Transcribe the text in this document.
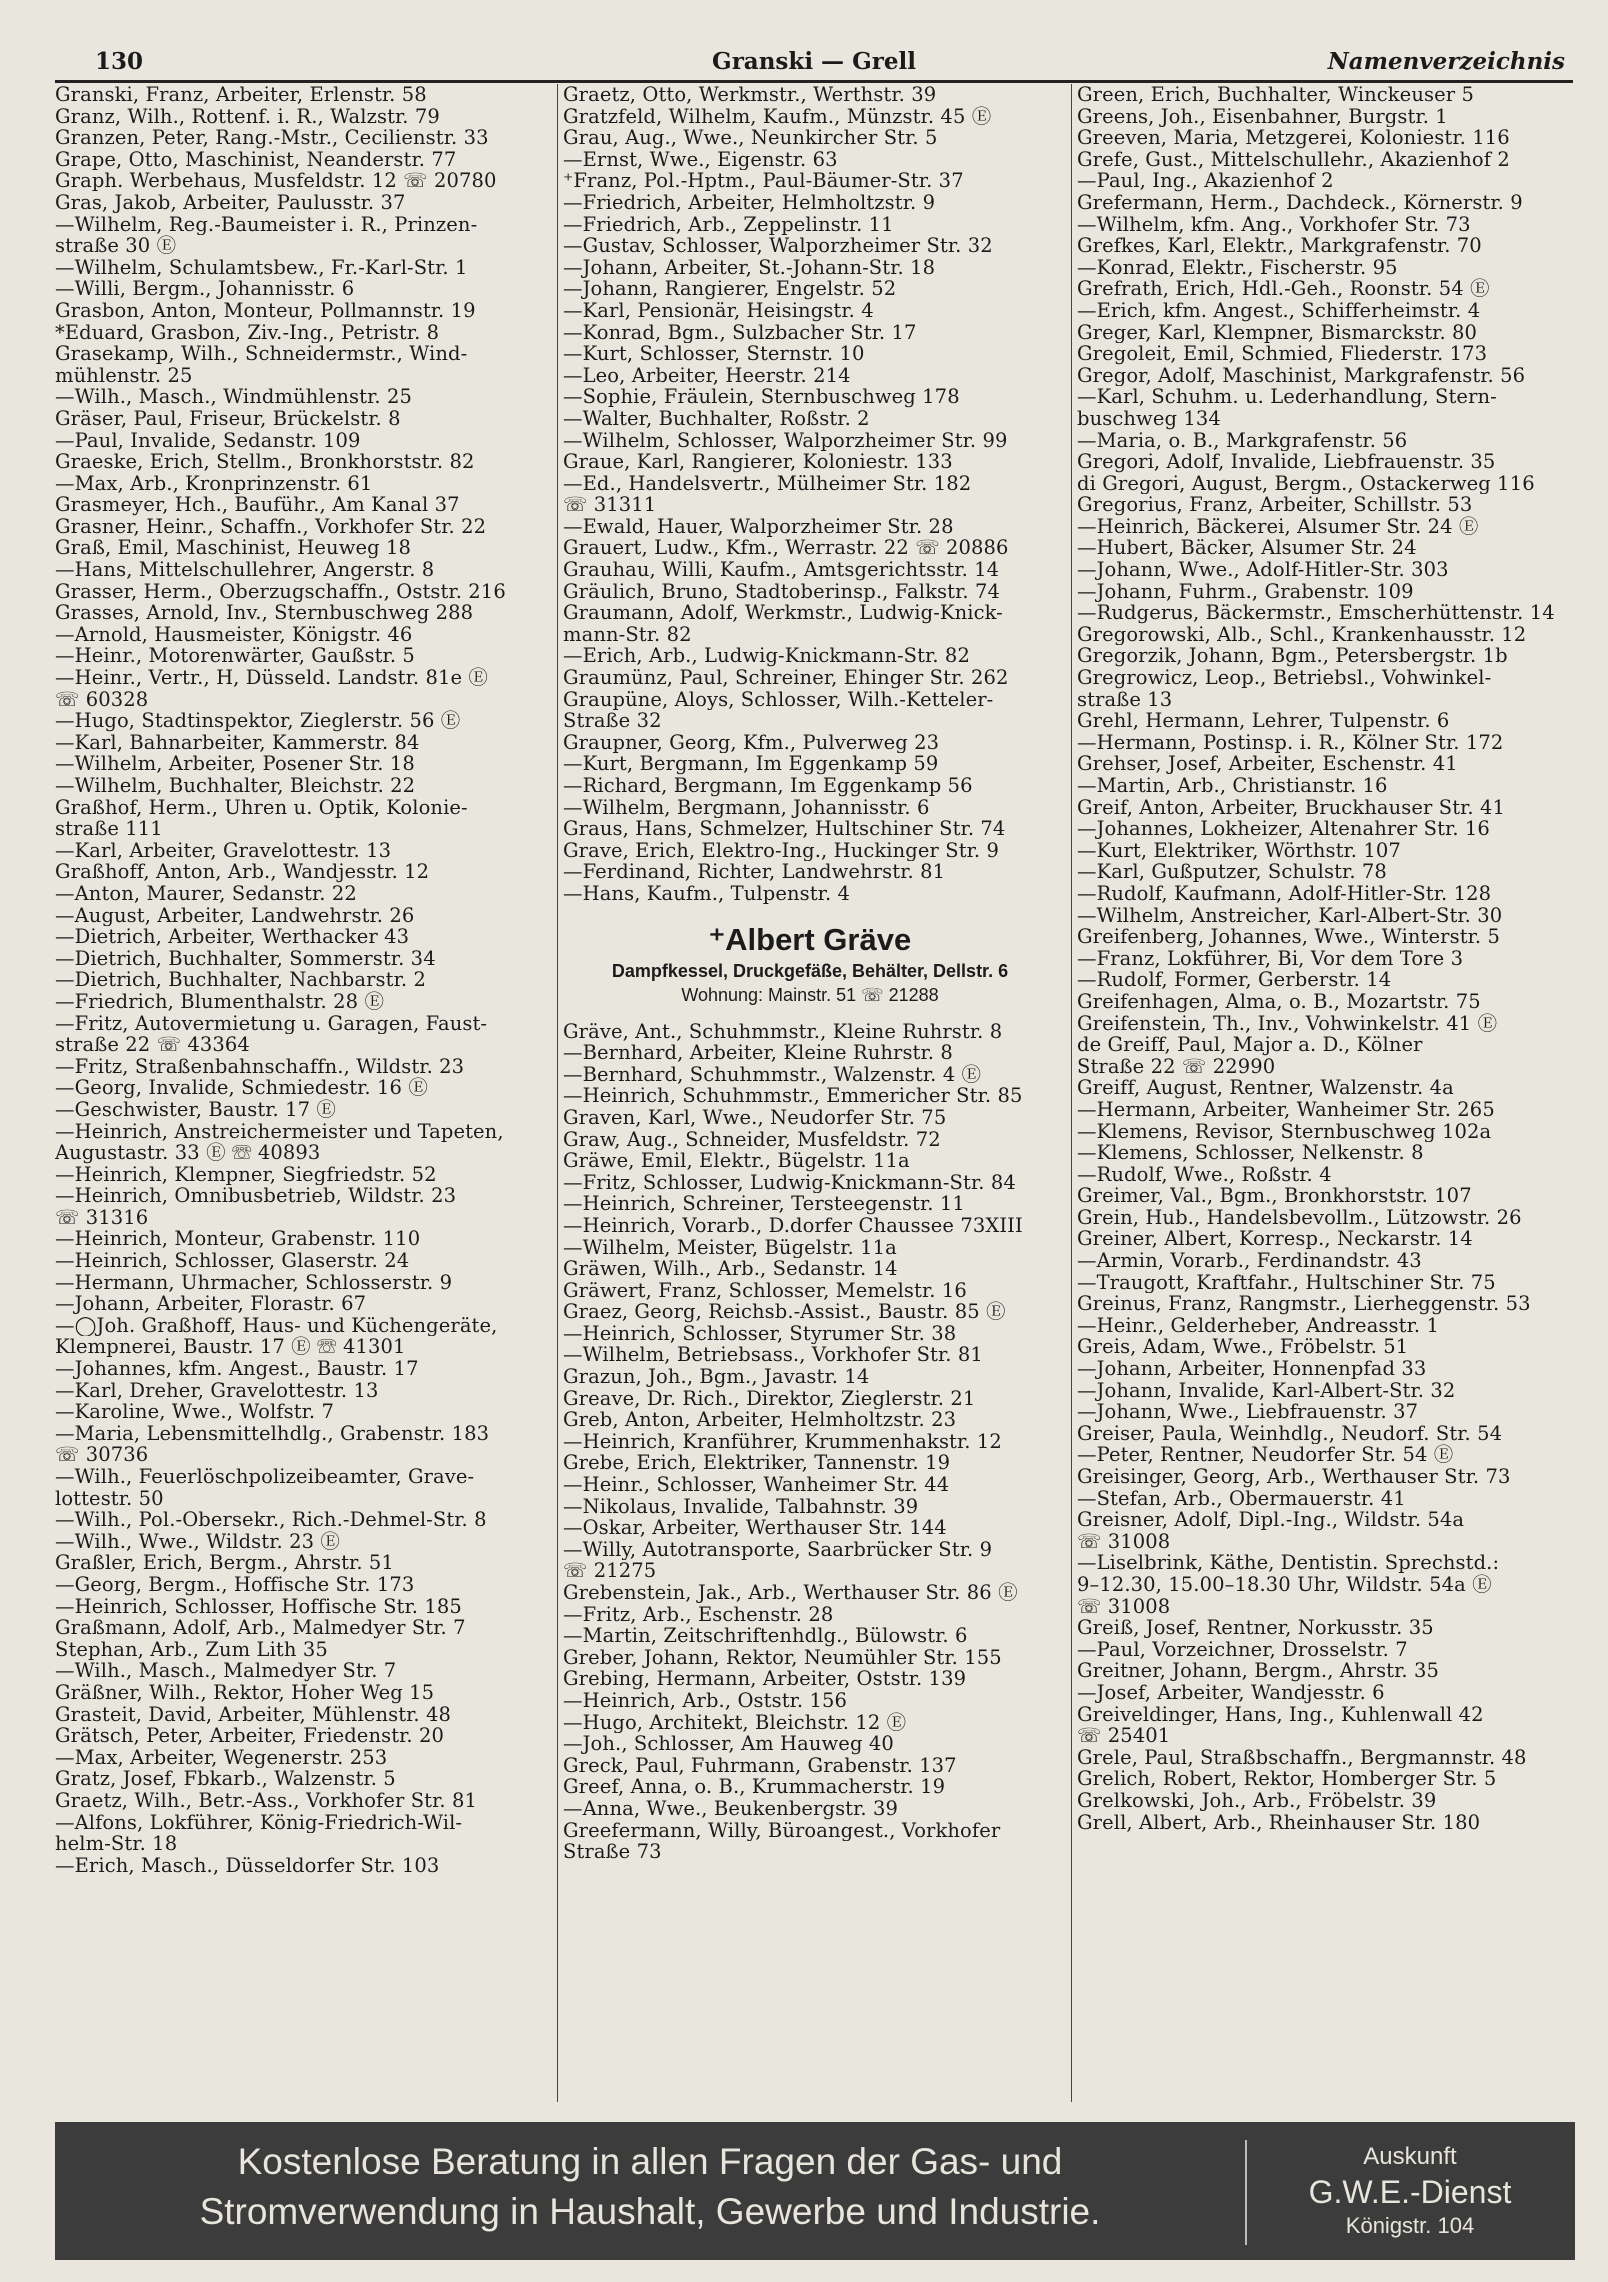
130	Granski — Grell	Namenverzeichnis
Granski, Franz, Arbeiter, Erlenstr. 58
Granz, Wilh., Rottenf. i. R., Walzstr. 79
Granzen, Peter, Rang.-Mstr., Cecilienstr. 33
Grape, Otto, Maschinist, Neanderstr. 77
Graph. Werbehaus, Musfeldstr. 12 ☏ 20780
Gras, Jakob, Arbeiter, Paulusstr. 37
—Wilhelm, Reg.-Baumeister i. R., Prinzen-
straße 30 Ⓔ
—Wilhelm, Schulamtsbew., Fr.-Karl-Str. 1
—Willi, Bergm., Johannisstr. 6
Grasbon, Anton, Monteur, Pollmannstr. 19
*Eduard, Grasbon, Ziv.-Ing., Petristr. 8
Grasekamp, Wilh., Schneidermstr., Wind-
mühlenstr. 25
—Wilh., Masch., Windmühlenstr. 25
Gräser, Paul, Friseur, Brückelstr. 8
—Paul, Invalide, Sedanstr. 109
Graeske, Erich, Stellm., Bronkhorststr. 82
—Max, Arb., Kronprinzenstr. 61
Grasmeyer, Hch., Bauführ., Am Kanal 37
Grasner, Heinr., Schaffn., Vorkhofer Str. 22
Graß, Emil, Maschinist, Heuweg 18
—Hans, Mittelschullehrer, Angerstr. 8
Grasser, Herm., Oberzugschaffn., Oststr. 216
Grasses, Arnold, Inv., Sternbuschweg 288
—Arnold, Hausmeister, Königstr. 46
—Heinr., Motorenwärter, Gaußstr. 5
—Heinr., Vertr., H, Düsseld. Landstr. 81e Ⓔ
☏ 60328
—Hugo, Stadtinspektor, Zieglerstr. 56 Ⓔ
—Karl, Bahnarbeiter, Kammerstr. 84
—Wilhelm, Arbeiter, Posener Str. 18
—Wilhelm, Buchhalter, Bleichstr. 22
Graßhof, Herm., Uhren u. Optik, Kolonie-
straße 111
—Karl, Arbeiter, Gravelottestr. 13
Graßhoff, Anton, Arb., Wandjesstr. 12
—Anton, Maurer, Sedanstr. 22
—August, Arbeiter, Landwehrstr. 26
—Dietrich, Arbeiter, Werthacker 43
—Dietrich, Buchhalter, Sommerstr. 34
—Dietrich, Buchhalter, Nachbarstr. 2
—Friedrich, Blumenthalstr. 28 Ⓔ
—Fritz, Autovermietung u. Garagen, Faust-
straße 22 ☏ 43364
—Fritz, Straßenbahnschaffn., Wildstr. 23
—Georg, Invalide, Schmiedestr. 16 Ⓔ
—Geschwister, Baustr. 17 Ⓔ
—Heinrich, Anstreichermeister und Tapeten,
Augustastr. 33 Ⓔ ☏ 40893
—Heinrich, Klempner, Siegfriedstr. 52
—Heinrich, Omnibusbetrieb, Wildstr. 23
☏ 31316
—Heinrich, Monteur, Grabenstr. 110
—Heinrich, Schlosser, Glaserstr. 24
—Hermann, Uhrmacher, Schlosserstr. 9
—Johann, Arbeiter, Florastr. 67
—◯Joh. Graßhoff, Haus- und Küchengeräte,
Klempnerei, Baustr. 17 Ⓔ ☏ 41301
—Johannes, kfm. Angest., Baustr. 17
—Karl, Dreher, Gravelottestr. 13
—Karoline, Wwe., Wolfstr. 7
—Maria, Lebensmittelhdlg., Grabenstr. 183
☏ 30736
—Wilh., Feuerlöschpolizeibeamter, Grave-
lottestr. 50
—Wilh., Pol.-Obersekr., Rich.-Dehmel-Str. 8
—Wilh., Wwe., Wildstr. 23 Ⓔ
Graßler, Erich, Bergm., Ahrstr. 51
—Georg, Bergm., Hoffische Str. 173
—Heinrich, Schlosser, Hoffische Str. 185
Graßmann, Adolf, Arb., Malmedyer Str. 7
Stephan, Arb., Zum Lith 35
—Wilh., Masch., Malmedyer Str. 7
Gräßner, Wilh., Rektor, Hoher Weg 15
Grasteit, David, Arbeiter, Mühlenstr. 48
Grätsch, Peter, Arbeiter, Friedenstr. 20
—Max, Arbeiter, Wegenerstr. 253
Gratz, Josef, Fbkarb., Walzenstr. 5
Graetz, Wilh., Betr.-Ass., Vorkhofer Str. 81
—Alfons, Lokführer, König-Friedrich-Wil-
helm-Str. 18
—Erich, Masch., Düsseldorfer Str. 103
Graetz, Otto, Werkmstr., Werthstr. 39
Gratzfeld, Wilhelm, Kaufm., Münzstr. 45 Ⓔ
Grau, Aug., Wwe., Neunkircher Str. 5
—Ernst, Wwe., Eigenstr. 63
⁺Franz, Pol.-Hptm., Paul-Bäumer-Str. 37
—Friedrich, Arbeiter, Helmholtzstr. 9
—Friedrich, Arb., Zeppelinstr. 11
—Gustav, Schlosser, Walporzheimer Str. 32
—Johann, Arbeiter, St.-Johann-Str. 18
—Johann, Rangierer, Engelstr. 52
—Karl, Pensionär, Heisingstr. 4
—Konrad, Bgm., Sulzbacher Str. 17
—Kurt, Schlosser, Sternstr. 10
—Leo, Arbeiter, Heerstr. 214
—Sophie, Fräulein, Sternbuschweg 178
—Walter, Buchhalter, Roßstr. 2
—Wilhelm, Schlosser, Walporzheimer Str. 99
Graue, Karl, Rangierer, Koloniestr. 133
—Ed., Handelsvertr., Mülheimer Str. 182
☏ 31311
—Ewald, Hauer, Walporzheimer Str. 28
Grauert, Ludw., Kfm., Werrastr. 22 ☏ 20886
Grauhau, Willi, Kaufm., Amtsgerichtsstr. 14
Gräulich, Bruno, Stadtoberinsp., Falkstr. 74
Graumann, Adolf, Werkmstr., Ludwig-Knick-
mann-Str. 82
—Erich, Arb., Ludwig-Knickmann-Str. 82
Graumünz, Paul, Schreiner, Ehinger Str. 262
Graupüne, Aloys, Schlosser, Wilh.-Ketteler-
Straße 32
Graupner, Georg, Kfm., Pulverweg 23
—Kurt, Bergmann, Im Eggenkamp 59
—Richard, Bergmann, Im Eggenkamp 56
—Wilhelm, Bergmann, Johannisstr. 6
Graus, Hans, Schmelzer, Hultschiner Str. 74
Grave, Erich, Elektro-Ing., Huckinger Str. 9
—Ferdinand, Richter, Landwehrstr. 81
—Hans, Kaufm., Tulpenstr. 4
⁺Albert Gräve
Dampfkessel, Druckgefäße, Behälter, Dellstr. 6
Wohnung: Mainstr. 51 ☏ 21288
Gräve, Ant., Schuhmmstr., Kleine Ruhrstr. 8
—Bernhard, Arbeiter, Kleine Ruhrstr. 8
—Bernhard, Schuhmmstr., Walzenstr. 4 Ⓔ
—Heinrich, Schuhmmstr., Emmericher Str. 85
Graven, Karl, Wwe., Neudorfer Str. 75
Graw, Aug., Schneider, Musfeldstr. 72
Gräwe, Emil, Elektr., Bügelstr. 11a
—Fritz, Schlosser, Ludwig-Knickmann-Str. 84
—Heinrich, Schreiner, Tersteegenstr. 11
—Heinrich, Vorarb., D.dorfer Chaussee 73XIII
—Wilhelm, Meister, Bügelstr. 11a
Gräwen, Wilh., Arb., Sedanstr. 14
Gräwert, Franz, Schlosser, Memelstr. 16
Graez, Georg, Reichsb.-Assist., Baustr. 85 Ⓔ
—Heinrich, Schlosser, Styrumer Str. 38
—Wilhelm, Betriebsass., Vorkhofer Str. 81
Grazun, Joh., Bgm., Javastr. 14
Greave, Dr. Rich., Direktor, Zieglerstr. 21
Greb, Anton, Arbeiter, Helmholtzstr. 23
—Heinrich, Kranführer, Krummenhakstr. 12
Grebe, Erich, Elektriker, Tannenstr. 19
—Heinr., Schlosser, Wanheimer Str. 44
—Nikolaus, Invalide, Talbahnstr. 39
—Oskar, Arbeiter, Werthauser Str. 144
—Willy, Autotransporte, Saarbrücker Str. 9
☏ 21275
Grebenstein, Jak., Arb., Werthauser Str. 86 Ⓔ
—Fritz, Arb., Eschenstr. 28
—Martin, Zeitschriftenhdlg., Bülowstr. 6
Greber, Johann, Rektor, Neumühler Str. 155
Grebing, Hermann, Arbeiter, Oststr. 139
—Heinrich, Arb., Oststr. 156
—Hugo, Architekt, Bleichstr. 12 Ⓔ
—Joh., Schlosser, Am Hauweg 40
Greck, Paul, Fuhrmann, Grabenstr. 137
Greef, Anna, o. B., Krummacherstr. 19
—Anna, Wwe., Beukenbergstr. 39
Greefermann, Willy, Büroangest., Vorkhofer
Straße 73
Green, Erich, Buchhalter, Winckeuser 5
Greens, Joh., Eisenbahner, Burgstr. 1
Greeven, Maria, Metzgerei, Koloniestr. 116
Grefe, Gust., Mittelschullehr., Akazienhof 2
—Paul, Ing., Akazienhof 2
Grefermann, Herm., Dachdeck., Körnerstr. 9
—Wilhelm, kfm. Ang., Vorkhofer Str. 73
Grefkes, Karl, Elektr., Markgrafenstr. 70
—Konrad, Elektr., Fischerstr. 95
Grefrath, Erich, Hdl.-Geh., Roonstr. 54 Ⓔ
—Erich, kfm. Angest., Schifferheimstr. 4
Greger, Karl, Klempner, Bismarckstr. 80
Gregoleit, Emil, Schmied, Fliederstr. 173
Gregor, Adolf, Maschinist, Markgrafenstr. 56
—Karl, Schuhm. u. Lederhandlung, Stern-
buschweg 134
—Maria, o. B., Markgrafenstr. 56
Gregori, Adolf, Invalide, Liebfrauenstr. 35
di Gregori, August, Bergm., Ostackerweg 116
Gregorius, Franz, Arbeiter, Schillstr. 53
—Heinrich, Bäckerei, Alsumer Str. 24 Ⓔ
—Hubert, Bäcker, Alsumer Str. 24
—Johann, Wwe., Adolf-Hitler-Str. 303
—Johann, Fuhrm., Grabenstr. 109
—Rudgerus, Bäckermstr., Emscherhüttenstr. 14
Gregorowski, Alb., Schl., Krankenhausstr. 12
Gregorzik, Johann, Bgm., Petersbergstr. 1b
Gregrowicz, Leop., Betriebsl., Vohwinkel-
straße 13
Grehl, Hermann, Lehrer, Tulpenstr. 6
—Hermann, Postinsp. i. R., Kölner Str. 172
Grehser, Josef, Arbeiter, Eschenstr. 41
—Martin, Arb., Christianstr. 16
Greif, Anton, Arbeiter, Bruckhauser Str. 41
—Johannes, Lokheizer, Altenahrer Str. 16
—Kurt, Elektriker, Wörthstr. 107
—Karl, Gußputzer, Schulstr. 78
—Rudolf, Kaufmann, Adolf-Hitler-Str. 128
—Wilhelm, Anstreicher, Karl-Albert-Str. 30
Greifenberg, Johannes, Wwe., Winterstr. 5
—Franz, Lokführer, Bi, Vor dem Tore 3
—Rudolf, Former, Gerberstr. 14
Greifenhagen, Alma, o. B., Mozartstr. 75
Greifenstein, Th., Inv., Vohwinkelstr. 41 Ⓔ
de Greiff, Paul, Major a. D., Kölner
Straße 22 ☏ 22990
Greiff, August, Rentner, Walzenstr. 4a
—Hermann, Arbeiter, Wanheimer Str. 265
—Klemens, Revisor, Sternbuschweg 102a
—Klemens, Schlosser, Nelkenstr. 8
—Rudolf, Wwe., Roßstr. 4
Greimer, Val., Bgm., Bronkhorststr. 107
Grein, Hub., Handelsbevollm., Lützowstr. 26
Greiner, Albert, Korresp., Neckarstr. 14
—Armin, Vorarb., Ferdinandstr. 43
—Traugott, Kraftfahr., Hultschiner Str. 75
Greinus, Franz, Rangmstr., Lierheggenstr. 53
—Heinr., Gelderheber, Andreasstr. 1
Greis, Adam, Wwe., Fröbelstr. 51
—Johann, Arbeiter, Honnenpfad 33
—Johann, Invalide, Karl-Albert-Str. 32
—Johann, Wwe., Liebfrauenstr. 37
Greiser, Paula, Weinhdlg., Neudorf. Str. 54
—Peter, Rentner, Neudorfer Str. 54 Ⓔ
Greisinger, Georg, Arb., Werthauser Str. 73
—Stefan, Arb., Obermauerstr. 41
Greisner, Adolf, Dipl.-Ing., Wildstr. 54a
☏ 31008
—Liselbrink, Käthe, Dentistin. Sprechstd.:
9–12.30, 15.00–18.30 Uhr, Wildstr. 54a Ⓔ
☏ 31008
Greiß, Josef, Rentner, Norkusstr. 35
—Paul, Vorzeichner, Drosselstr. 7
Greitner, Johann, Bergm., Ahrstr. 35
—Josef, Arbeiter, Wandjesstr. 6
Greiveldinger, Hans, Ing., Kuhlenwall 42
☏ 25401
Grele, Paul, Straßbschaffn., Bergmannstr. 48
Grelich, Robert, Rektor, Homberger Str. 5
Grelkowski, Joh., Arb., Fröbelstr. 39
Grell, Albert, Arb., Rheinhauser Str. 180
Kostenlose Beratung in allen Fragen der Gas- und
Stromverwendung in Haushalt, Gewerbe und Industrie.
Auskunft
G.W.E.-Dienst
Königstr. 104
